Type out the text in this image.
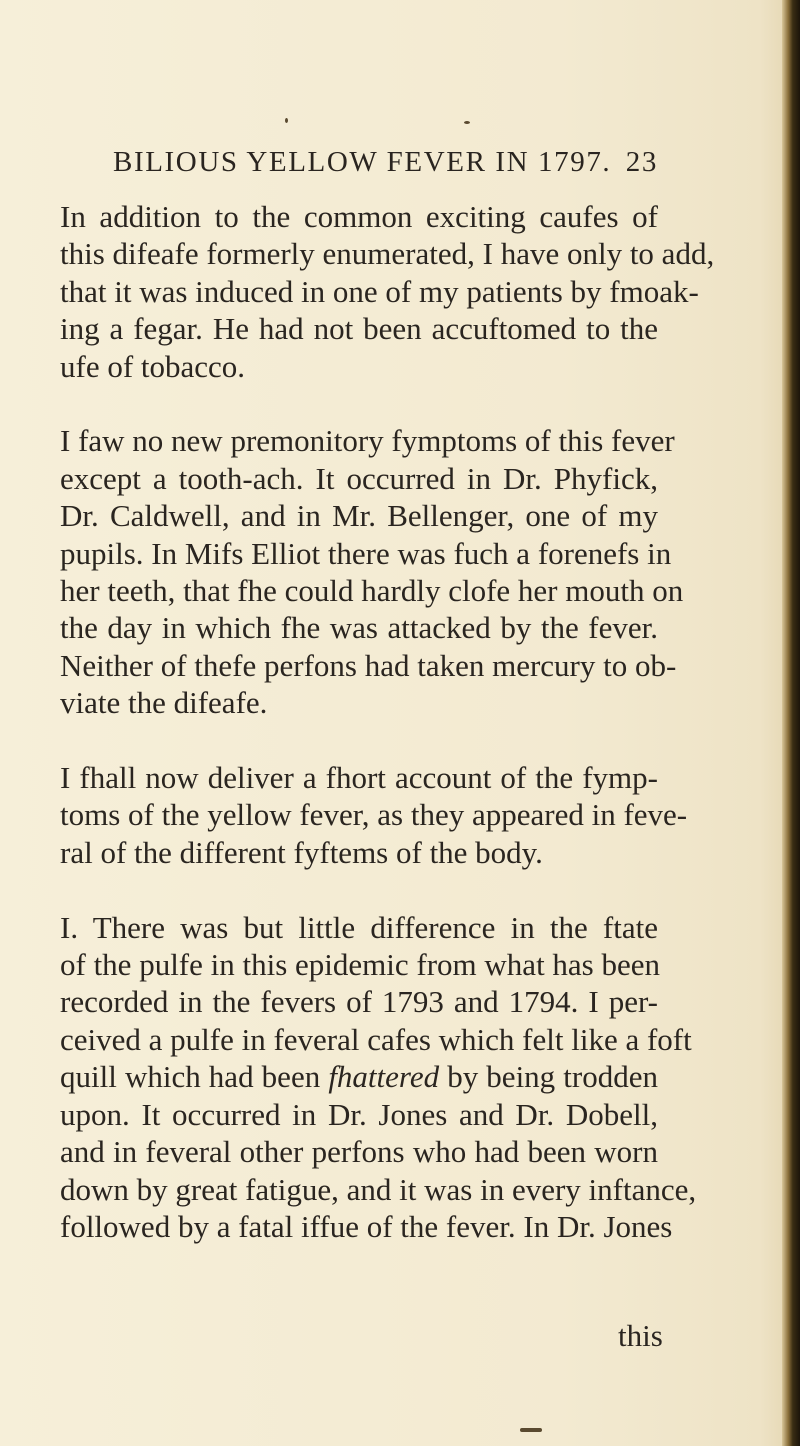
BILIOUS YELLOW FEVER IN 1797. 23

In addition to the common exciting caufes of
this difeafe formerly enumerated, I have only to add,
that it was induced in one of my patients by fmoak-
ing a fegar. He had not been accuftomed to the
ufe of tobacco.

I faw no new premonitory fymptoms of this fever
except a tooth-ach. It occurred in Dr. Phyfick,
Dr. Caldwell, and in Mr. Bellenger, one of my
pupils. In Mifs Elliot there was fuch a forenefs in
her teeth, that fhe could hardly clofe her mouth on
the day in which fhe was attacked by the fever.
Neither of thefe perfons had taken mercury to ob-
viate the difeafe.

I fhall now deliver a fhort account of the fymp-
toms of the yellow fever, as they appeared in feve-
ral of the different fyftems of the body.

I. There was but little difference in the ftate
of the pulfe in this epidemic from what has been
recorded in the fevers of 1793 and 1794. I per-
ceived a pulfe in feveral cafes which felt like a foft
quill which had been fhattered by being trodden
upon. It occurred in Dr. Jones and Dr. Dobell,
and in feveral other perfons who had been worn
down by great fatigue, and it was in every inftance,
followed by a fatal iffue of the fever. In Dr. Jones

this
